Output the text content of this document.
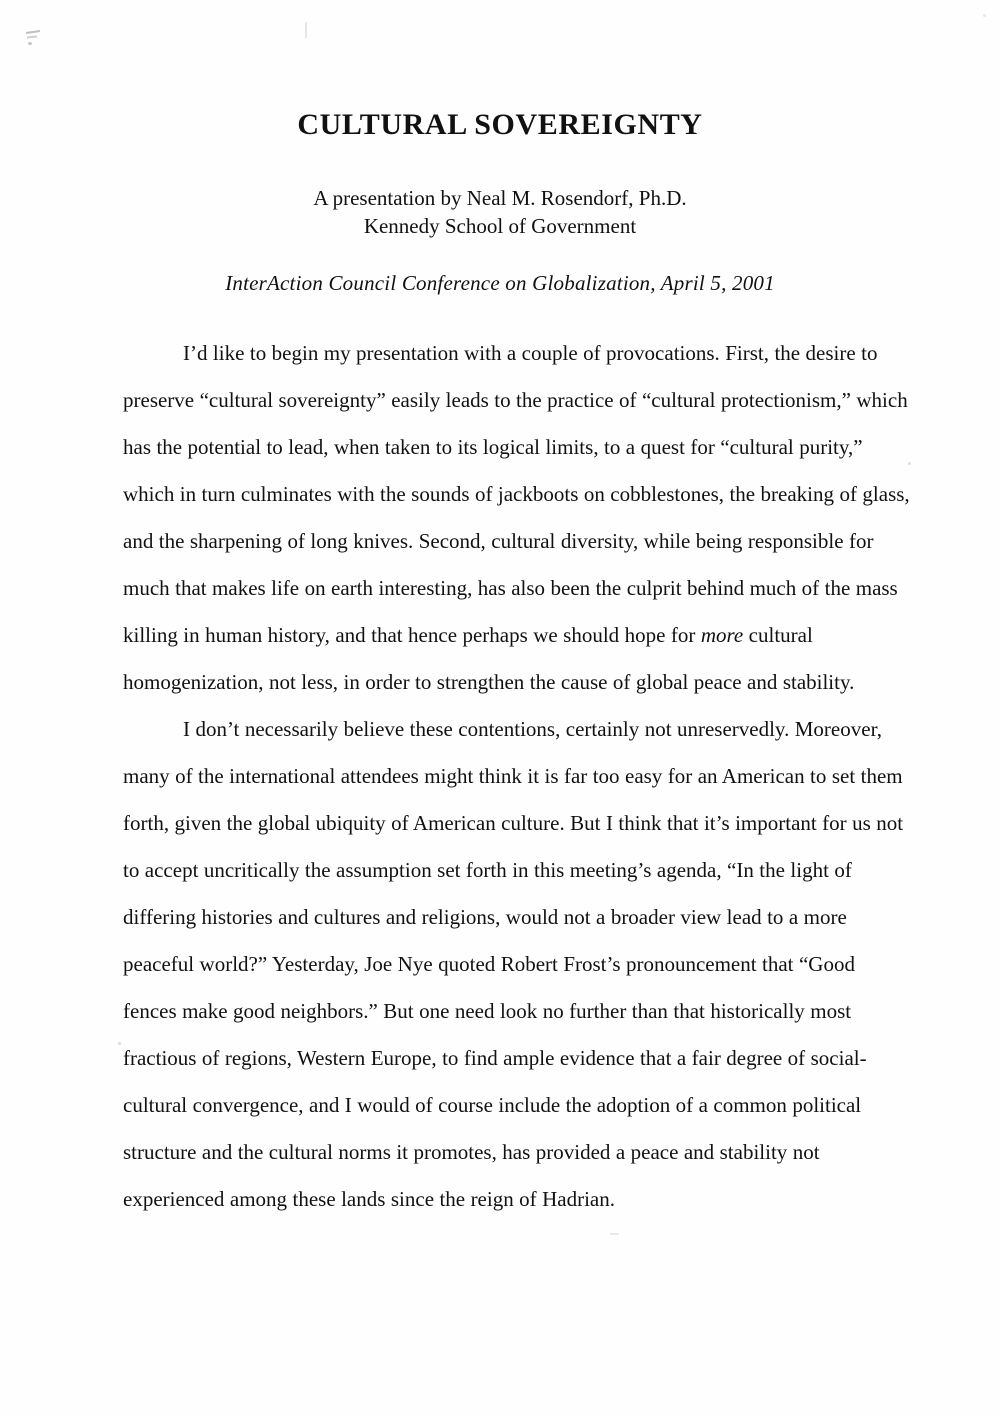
CULTURAL SOVEREIGNTY
A presentation by Neal M. Rosendorf, Ph.D.
Kennedy School of Government
InterAction Council Conference on Globalization, April 5, 2001

I’d like to begin my presentation with a couple of provocations. First, the desire to preserve “cultural sovereignty” easily leads to the practice of “cultural protectionism,” which has the potential to lead, when taken to its logical limits, to a quest for “cultural purity,” which in turn culminates with the sounds of jackboots on cobblestones, the breaking of glass, and the sharpening of long knives. Second, cultural diversity, while being responsible for much that makes life on earth interesting, has also been the culprit behind much of the mass killing in human history, and that hence perhaps we should hope for more cultural homogenization, not less, in order to strengthen the cause of global peace and stability.

I don’t necessarily believe these contentions, certainly not unreservedly. Moreover, many of the international attendees might think it is far too easy for an American to set them forth, given the global ubiquity of American culture. But I think that it’s important for us not to accept uncritically the assumption set forth in this meeting’s agenda, “In the light of differing histories and cultures and religions, would not a broader view lead to a more peaceful world?” Yesterday, Joe Nye quoted Robert Frost’s pronouncement that “Good fences make good neighbors.” But one need look no further than that historically most fractious of regions, Western Europe, to find ample evidence that a fair degree of social-cultural convergence, and I would of course include the adoption of a common political structure and the cultural norms it promotes, has provided a peace and stability not experienced among these lands since the reign of Hadrian.
